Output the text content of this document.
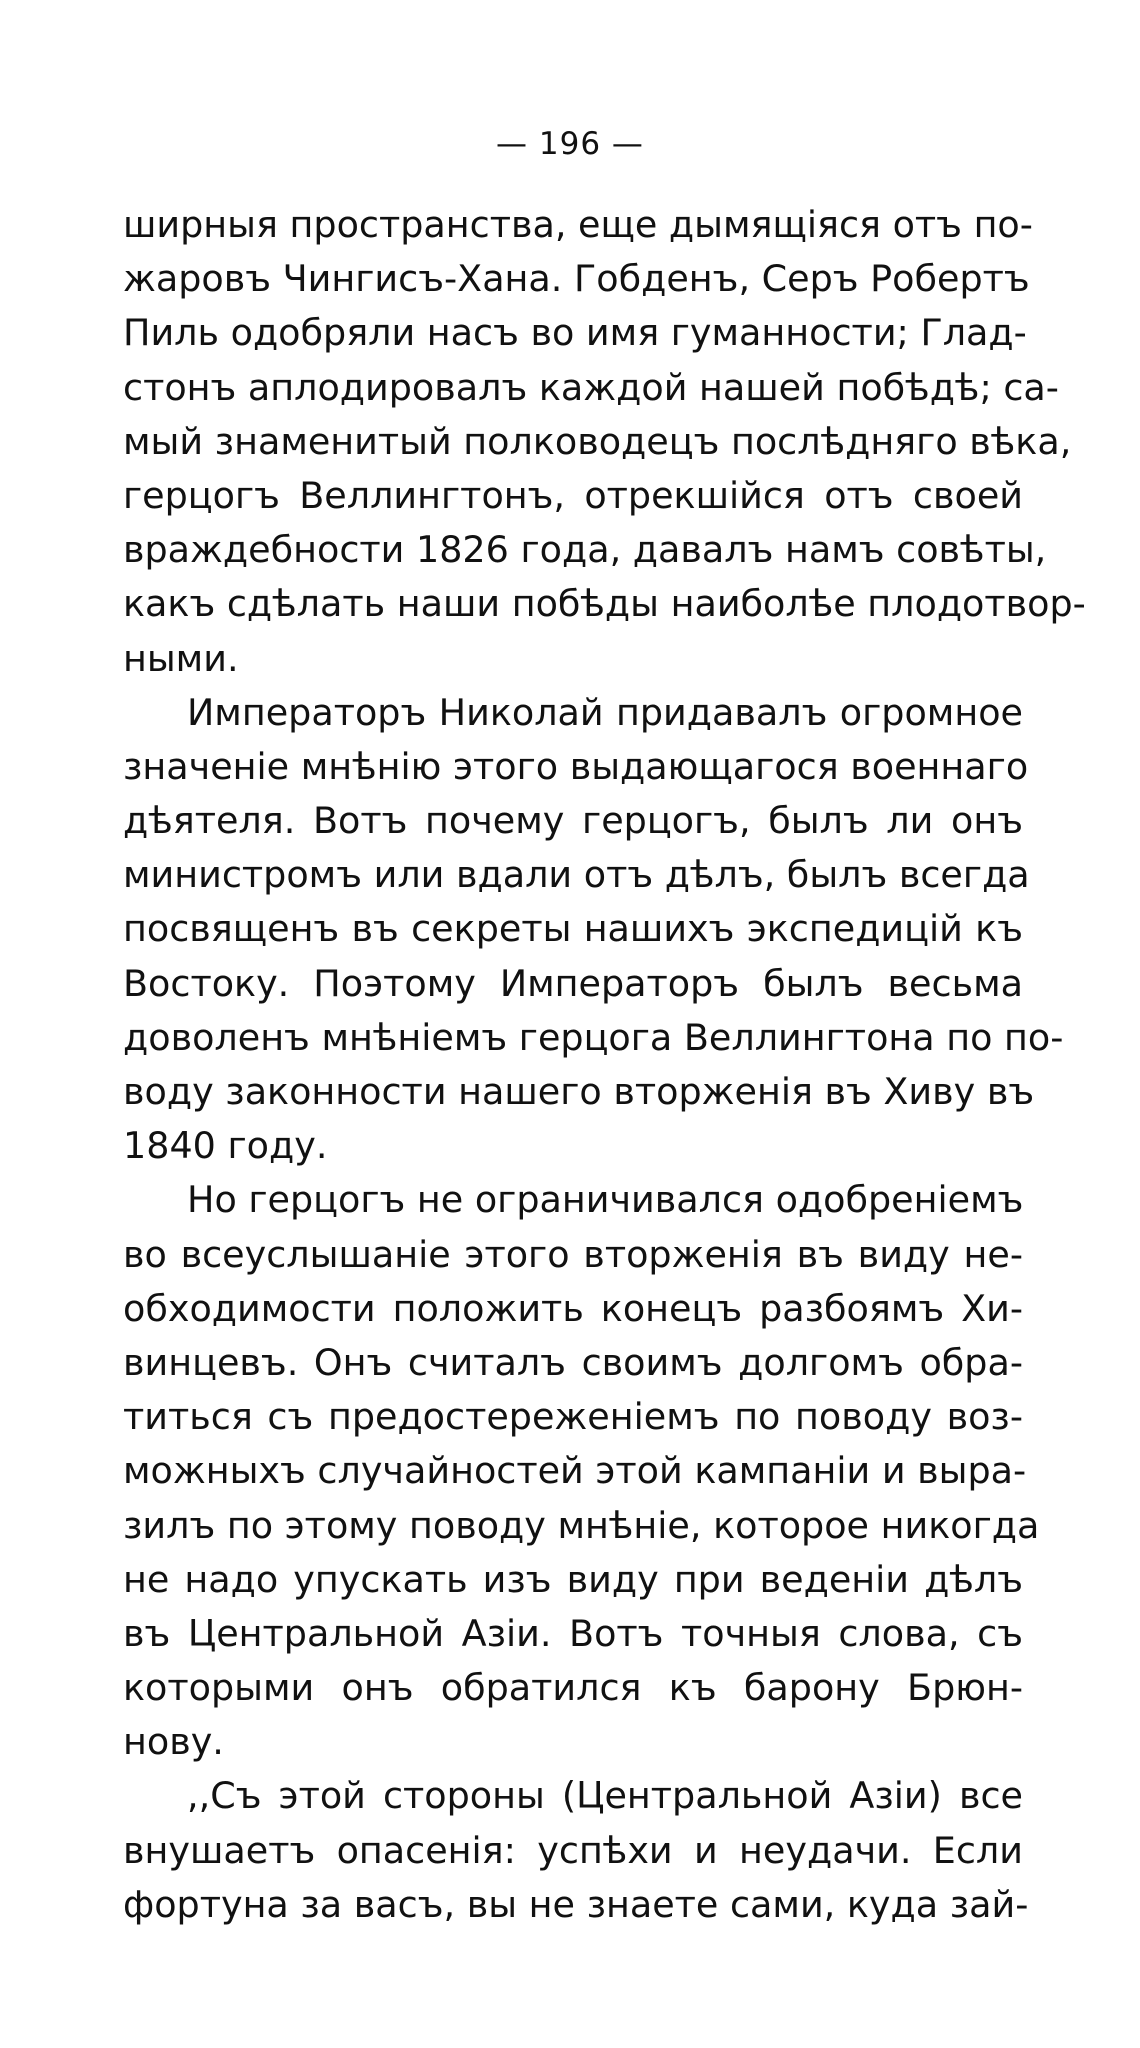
— 196 —
ширныя пространства, еще дымящіяся отъ по-
жаровъ Чингисъ-Хана. Гобденъ, Серъ Робертъ
Пиль одобряли насъ во имя гуманности; Глад-
стонъ аплодировалъ каждой нашей побѣдѣ; са-
мый знаменитый полководецъ послѣдняго вѣка,
герцогъ Веллингтонъ, отрекшійся отъ своей
враждебности 1826 года, давалъ намъ совѣты,
какъ сдѣлать наши побѣды наиболѣе плодотвор-
ными.
Императоръ Николай придавалъ огромное
значеніе мнѣнію этого выдающагося военнаго
дѣятеля. Вотъ почему герцогъ, былъ ли онъ
министромъ или вдали отъ дѣлъ, былъ всегда
посвященъ въ секреты нашихъ экспедицій къ
Востоку. Поэтому Императоръ былъ весьма
доволенъ мнѣніемъ герцога Веллингтона по по-
воду законности нашего вторженія въ Хиву въ
1840 году.
Но герцогъ не ограничивался одобреніемъ
во всеуслышаніе этого вторженія въ виду не-
обходимости положить конецъ разбоямъ Хи-
винцевъ. Онъ считалъ своимъ долгомъ обра-
титься съ предостереженіемъ по поводу воз-
можныхъ случайностей этой кампаніи и выра-
зилъ по этому поводу мнѣніе, которое никогда
не надо упускать изъ виду при веденіи дѣлъ
въ Центральной Азіи. Вотъ точныя слова, съ
которыми онъ обратился къ барону Брюн-
нову.
,,Съ этой стороны (Центральной Азіи) все
внушаетъ опасенія: успѣхи и неудачи. Если
фортуна за васъ, вы не знаете сами, куда зай-
